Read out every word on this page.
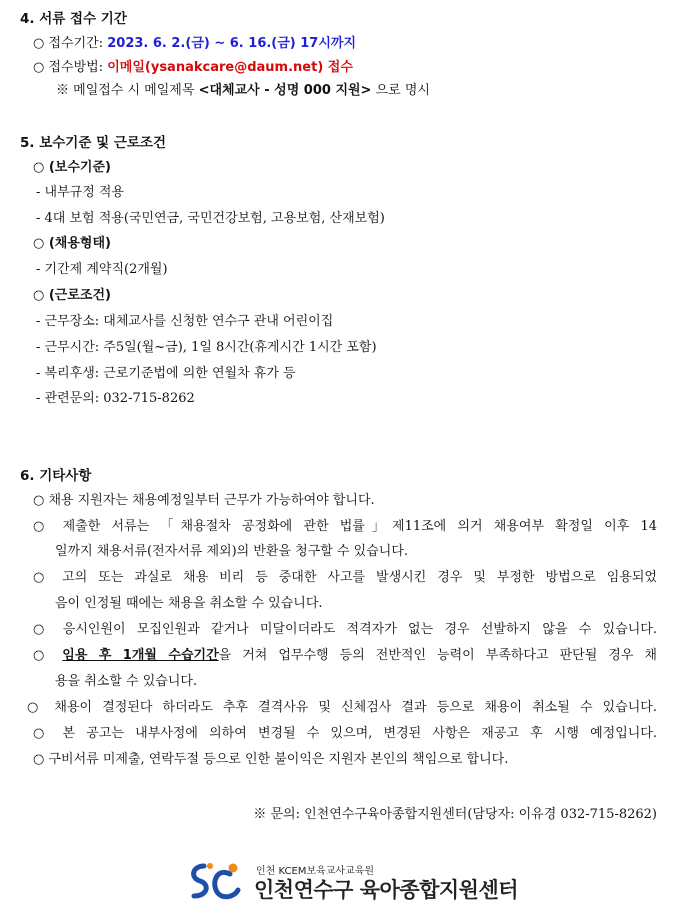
4. 서류 접수 기간
○ 접수기간: 2023. 6. 2.(금) ~ 6. 16.(금) 17시까지
○ 접수방법: 이메일(ysanakcare@daum.net) 접수
※ 메일접수 시 메일제목 <대체교사 - 성명 000 지원> 으로 명시
5. 보수기준 및 근로조건
○ (보수기준)
- 내부규정 적용
- 4대 보험 적용(국민연금, 국민건강보험, 고용보험, 산재보험)
○ (채용형태)
- 기간제 계약직(2개월)
○ (근로조건)
- 근무장소: 대체교사를 신청한 연수구 관내 어린이집
- 근무시간: 주5일(월~금), 1일 8시간(휴게시간 1시간 포함)
- 복리후생: 근로기준법에 의한 연월차 휴가 등
- 관련문의: 032-715-8262
6. 기타사항
○ 채용 지원자는 채용예정일부터 근무가 가능하여야 합니다.
○ 제출한 서류는 「채용절차 공정화에 관한 법률」제11조에 의거 채용여부 확정일 이후 14
일까지 채용서류(전자서류 제외)의 반환을 청구할 수 있습니다.
○ 고의 또는 과실로 채용 비리 등 중대한 사고를 발생시킨 경우 및 부정한 방법으로 임용되었
음이 인정될 때에는 채용을 취소할 수 있습니다.
○ 응시인원이 모집인원과 같거나 미달이더라도 적격자가 없는 경우 선발하지 않을 수 있습니다.
○ 임용 후 1개월 수습기간을 거쳐 업무수행 등의 전반적인 능력이 부족하다고 판단될 경우 채
용을 취소할 수 있습니다.
○ 채용이 결정된다 하더라도 추후 결격사유 및 신체검사 결과 등으로 채용이 취소될 수 있습니다.
○ 본 공고는 내부사정에 의하여 변경될 수 있으며, 변경된 사항은 재공고 후 시행 예정입니다.
○ 구비서류 미제출, 연락두절 등으로 인한 불이익은 지원자 본인의 책임으로 합니다.
※ 문의: 인천연수구육아종합지원센터(담당자: 이유경 032-715-8262)
인천 KCEM보육교사교육원
인천연수구 육아종합지원센터
